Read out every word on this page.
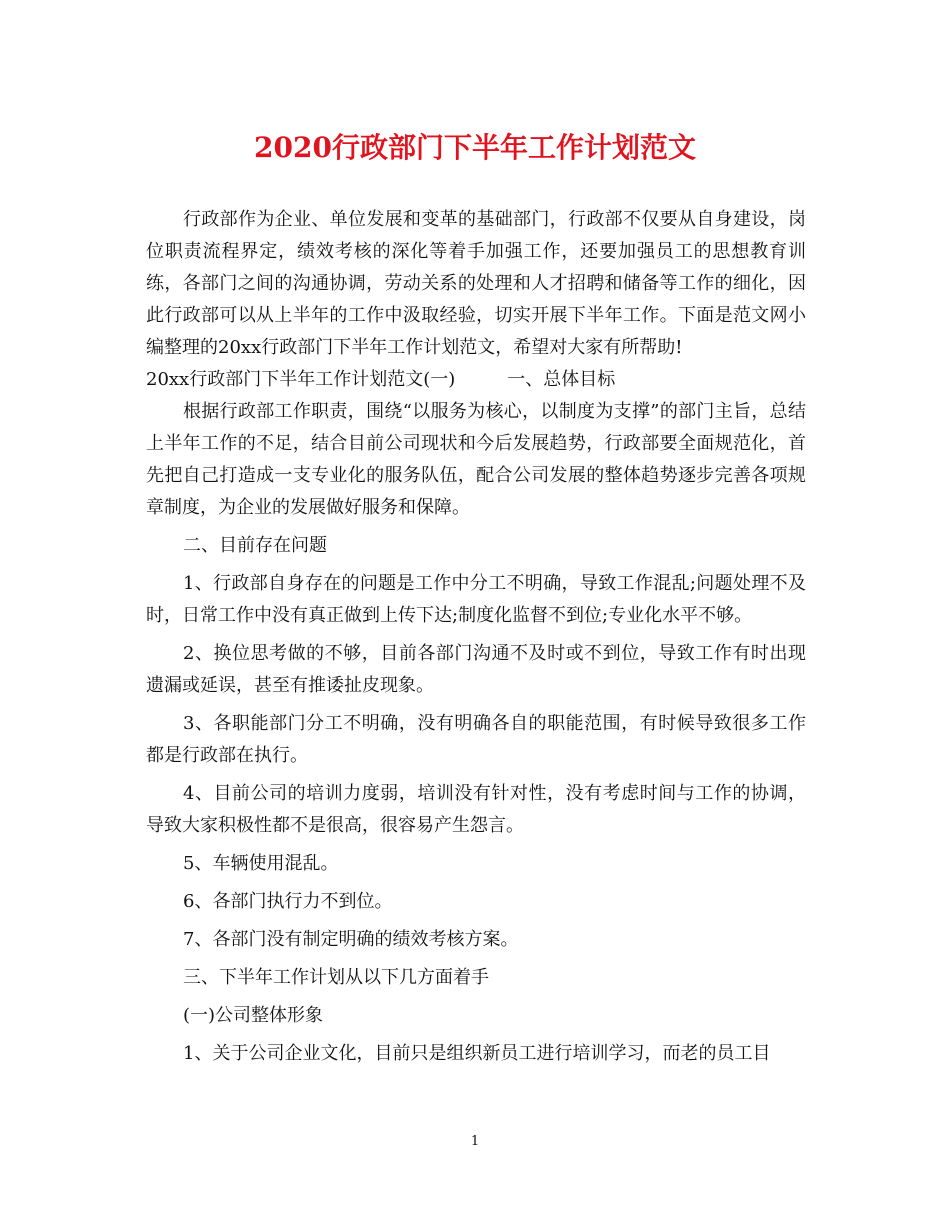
2020行政部门下半年工作计划范文

行政部作为企业、单位发展和变革的基础部门，行政部不仅要从自身建设，岗位职责流程界定，绩效考核的深化等着手加强工作，还要加强员工的思想教育训练，各部门之间的沟通协调，劳动关系的处理和人才招聘和储备等工作的细化，因此行政部可以从上半年的工作中汲取经验，切实开展下半年工作。下面是范文网小编整理的20xx行政部门下半年工作计划范文，希望对大家有所帮助!

20xx行政部门下半年工作计划范文(一)	一、总体目标

根据行政部工作职责，围绕“以服务为核心，以制度为支撑”的部门主旨，总结上半年工作的不足，结合目前公司现状和今后发展趋势，行政部要全面规范化，首先把自己打造成一支专业化的服务队伍，配合公司发展的整体趋势逐步完善各项规章制度，为企业的发展做好服务和保障。

二、目前存在问题

1、行政部自身存在的问题是工作中分工不明确，导致工作混乱;问题处理不及时，日常工作中没有真正做到上传下达;制度化监督不到位;专业化水平不够。

2、换位思考做的不够，目前各部门沟通不及时或不到位，导致工作有时出现遗漏或延误，甚至有推诿扯皮现象。

3、各职能部门分工不明确，没有明确各自的职能范围，有时候导致很多工作都是行政部在执行。

4、目前公司的培训力度弱，培训没有针对性，没有考虑时间与工作的协调，导致大家积极性都不是很高，很容易产生怨言。

5、车辆使用混乱。

6、各部门执行力不到位。

7、各部门没有制定明确的绩效考核方案。

三、下半年工作计划从以下几方面着手

(一)公司整体形象

1、关于公司企业文化，目前只是组织新员工进行培训学习，而老的员工目

1
